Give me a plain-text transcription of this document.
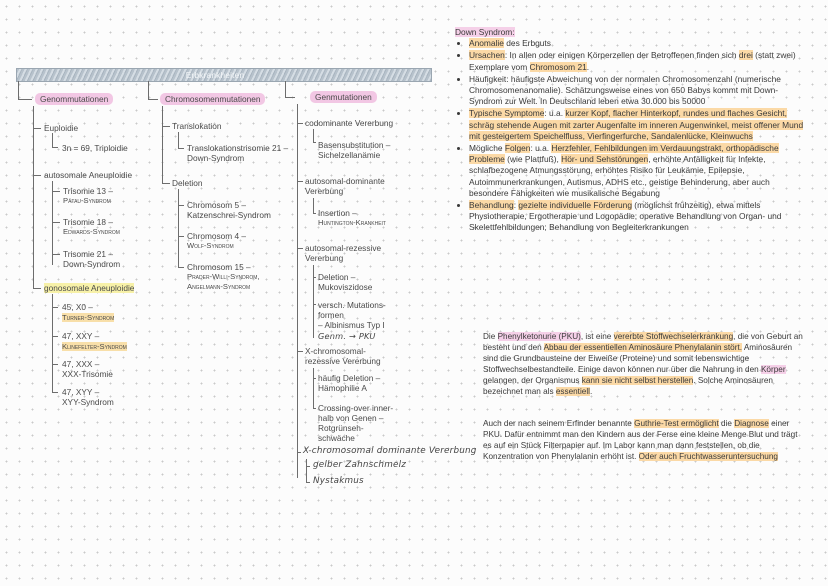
Erbkrankheiten
Genommutationen	Chromosomenmutationen	Genmutationen
Euploidie
3n = 69, Triploidie
autosomale Aneuploidie
Trisomie 13 –
Pätau-Syndrom
Trisomie 18 –
Edwards-Syndrom
Trisomie 21 –
Down-Syndrom
gonosomale Aneuploidie
45, X0 –
Turner-Syndrom
47, XXY –
Klinefelter-Syndrom
47, XXX –
XXX-Trisomie
47, XYY –
XYY-Syndrom
Translokation
Translokationstrisomie 21 –
Down-Syndrom
Deletion
Chromosom 5 –
Katzenschrei-Syndrom
Chromosom 4 –
Wolf-Syndrom
Chromosom 15 –
Prader-Willi-Syndrom,
Angelmann-Syndrom
codominante Vererbung
Basensubstitution –
Sichelzellanämie
autosomal-dominante
Vererbung
Insertion –
Huntington-Krankheit
autosomal-rezessive
Vererbung
Deletion –
Mukoviszidose
versch. Mutations-
formen
– Albinismus Typ I
Genm. → PKU
X-chromosomal-
rezessive Vererbung
häufig Deletion –
Hämophilie A
Crossing-over inner-
halb von Genen –
Rotgrünseh-
schwäche
X-chromosomal dominante Vererbung
gelber Zahnschmelz
Nystakmus
Down Syndrom:
• Anomalie des Erbguts
• Ursachen: In allen oder einigen Körperzellen der Betroffenen finden sich drei (statt zwei) Exemplare vom Chromosom 21.
• Häufigkeit: häufigste Abweichung von der normalen Chromosomenzahl (numerische Chromosomenanomalie). Schätzungsweise eines von 650 Babys kommt mit Down-Syndrom zur Welt. In Deutschland leben etwa 30.000 bis 50000
• Typische Symptome: u.a. kurzer Kopf, flacher Hinterkopf, rundes und flaches Gesicht, schräg stehende Augen mit zarter Augenfalte im inneren Augenwinkel, meist offener Mund mit gesteigertem Speichelfluss, Vierfingerfurche, Sandalenlücke, Kleinwuchs
• Mögliche Folgen: u.a. Herzfehler, Fehlbildungen im Verdauungstrakt, orthopädische Probleme (wie Plattfuß), Hör- und Sehstörungen, erhöhte Anfälligkeit für Infekte, schlafbezogene Atmungsstörung, erhöhtes Risiko für Leukämie, Epilepsie, Autoimmunerkrankungen, Autismus, ADHS etc., geistige Behinderung, aber auch besondere Fähigkeiten wie musikalische Begabung
• Behandlung: gezielte individuelle Förderung (möglichst frühzeitig), etwa mittels Physiotherapie, Ergotherapie und Logopädie; operative Behandlung von Organ- und Skelettfehlbildungen; Behandlung von Begleiterkrankungen
Die Phenylketonurie (PKU), ist eine vererbte Stoffwechselerkrankung, die von Geburt an besteht und den Abbau der essentiellen Aminosäure Phenylalanin stört. Aminosäuren sind die Grundbausteine der Eiweiße (Proteine) und somit lebenswichtige Stoffwechselbestandteile. Einige davon können nur über die Nahrung in den Körper gelangen, der Organismus kann sie nicht selbst herstellen. Solche Aminosäuren bezeichnet man als essentiell.
Auch der nach seinem Erfinder benannte Guthrie-Test ermöglicht die Diagnose einer PKU. Dafür entnimmt man den Kindern aus der Ferse eine kleine Menge Blut und trägt es auf ein Stück Filterpapier auf. Im Labor kann man dann feststellen, ob die Konzentration von Phenylalanin erhöht ist. Oder auch Fruchtwasseruntersuchung
